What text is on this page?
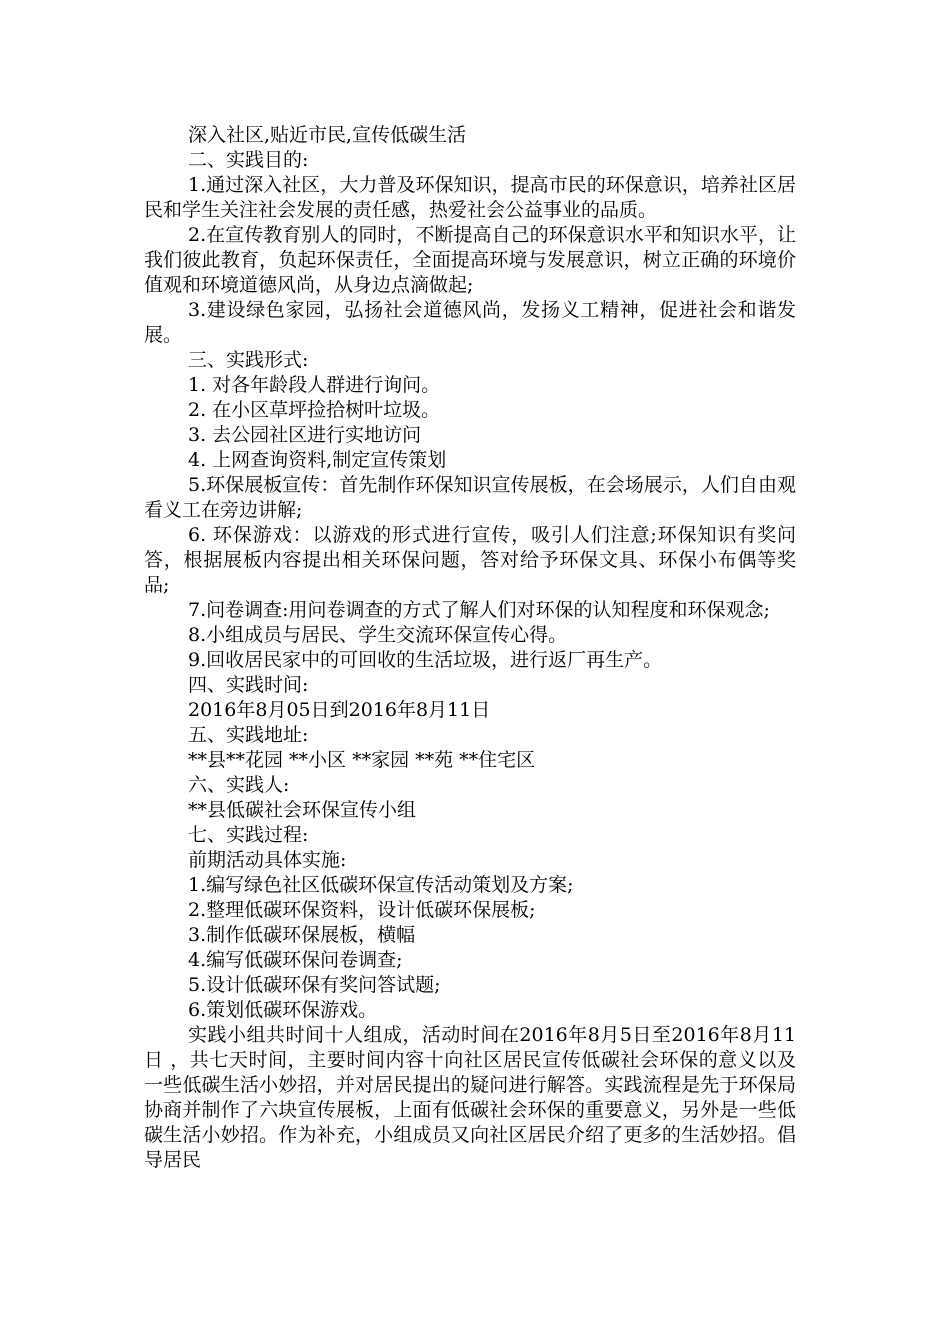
深入社区,贴近市民,宣传低碳生活

二、实践目的:

1.通过深入社区，大力普及环保知识，提高市民的环保意识，培养社区居民和学生关注社会发展的责任感，热爱社会公益事业的品质。

2.在宣传教育别人的同时，不断提高自己的环保意识水平和知识水平，让我们彼此教育，负起环保责任，全面提高环境与发展意识，树立正确的环境价值观和环境道德风尚，从身边点滴做起;

3.建设绿色家园，弘扬社会道德风尚，发扬义工精神，促进社会和谐发展。

三、实践形式:

1. 对各年龄段人群进行询问。

2. 在小区草坪捡拾树叶垃圾。

3. 去公园社区进行实地访问

4. 上网查询资料,制定宣传策划

5.环保展板宣传：首先制作环保知识宣传展板，在会场展示，人们自由观看义工在旁边讲解;

6. 环保游戏：以游戏的形式进行宣传，吸引人们注意;环保知识有奖问答，根据展板内容提出相关环保问题，答对给予环保文具、环保小布偶等奖品;

7.问卷调查:用问卷调查的方式了解人们对环保的认知程度和环保观念;

8.小组成员与居民、学生交流环保宣传心得。

9.回收居民家中的可回收的生活垃圾，进行返厂再生产。

四、实践时间:

2016年8月05日到2016年8月11日

五、实践地址:

**县**花园 **小区 **家园 **苑 **住宅区

六、实践人:

**县低碳社会环保宣传小组

七、实践过程:

前期活动具体实施:

1.编写绿色社区低碳环保宣传活动策划及方案;

2.整理低碳环保资料，设计低碳环保展板;

3.制作低碳环保展板，横幅

4.编写低碳环保问卷调查;

5.设计低碳环保有奖问答试题;

6.策划低碳环保游戏。

实践小组共时间十人组成，活动时间在2016年8月5日至2016年8月11日 ，共七天时间，主要时间内容十向社区居民宣传低碳社会环保的意义以及一些低碳生活小妙招，并对居民提出的疑问进行解答。实践流程是先于环保局协商并制作了六块宣传展板，上面有低碳社会环保的重要意义，另外是一些低碳生活小妙招。作为补充，小组成员又向社区居民介绍了更多的生活妙招。倡导居民
